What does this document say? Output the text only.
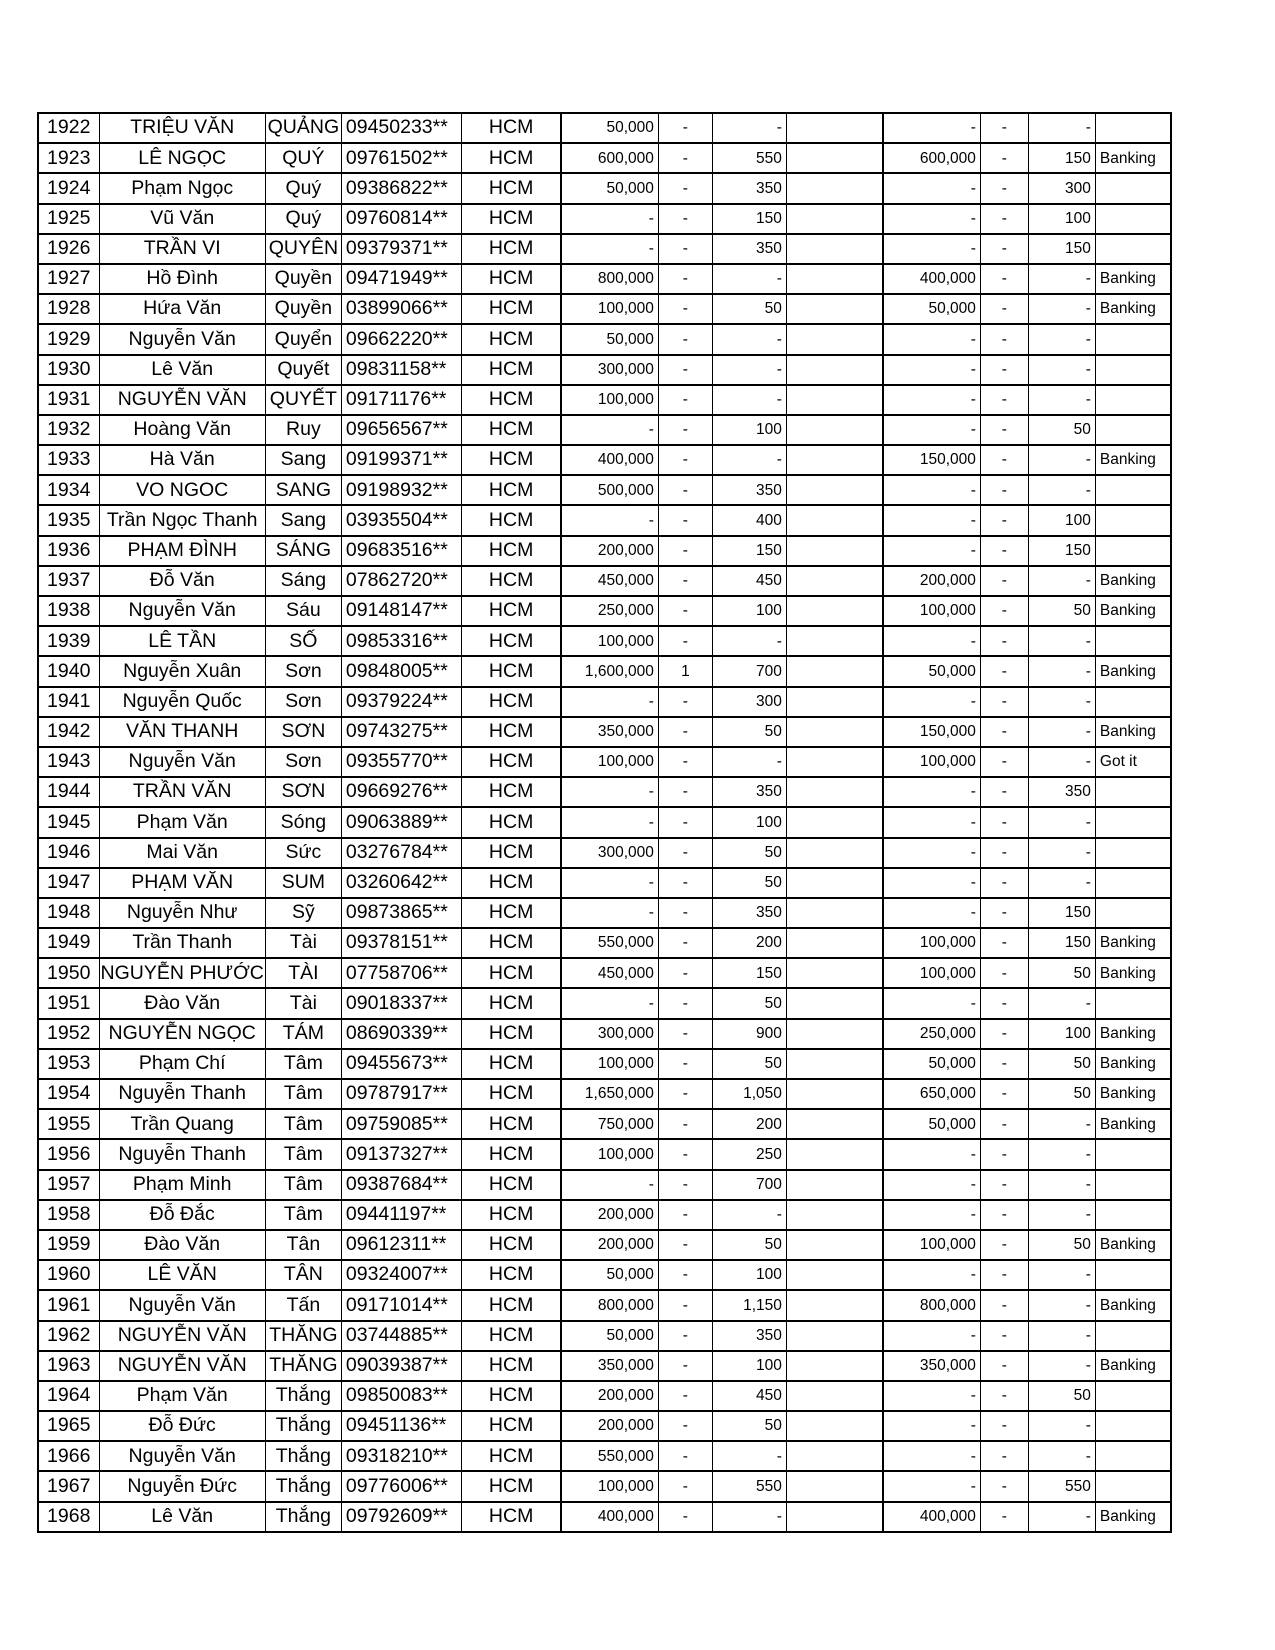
1922	TRIỆU VĂN	QUẢNG	09450233**	HCM	50,000	-	-		-	-	-	
1923	LÊ NGỌC	QUÝ	09761502**	HCM	600,000	-	550		600,000	-	150	Banking
1924	Phạm Ngọc	Quý	09386822**	HCM	50,000	-	350		-	-	300	
1925	Vũ Văn	Quý	09760814**	HCM	-	-	150		-	-	100	
1926	TRẦN VI	QUYÊN	09379371**	HCM	-	-	350		-	-	150	
1927	Hồ Đình	Quyền	09471949**	HCM	800,000	-	-		400,000	-	-	Banking
1928	Hứa Văn	Quyền	03899066**	HCM	100,000	-	50		50,000	-	-	Banking
1929	Nguyễn Văn	Quyển	09662220**	HCM	50,000	-	-		-	-	-	
1930	Lê Văn	Quyết	09831158**	HCM	300,000	-	-		-	-	-	
1931	NGUYỄN VĂN	QUYẾT	09171176**	HCM	100,000	-	-		-	-	-	
1932	Hoàng Văn	Ruy	09656567**	HCM	-	-	100		-	-	50	
1933	Hà Văn	Sang	09199371**	HCM	400,000	-	-		150,000	-	-	Banking
1934	VO NGOC	SANG	09198932**	HCM	500,000	-	350		-	-	-	
1935	Trần Ngọc Thanh	Sang	03935504**	HCM	-	-	400		-	-	100	
1936	PHẠM ĐÌNH	SÁNG	09683516**	HCM	200,000	-	150		-	-	150	
1937	Đỗ Văn	Sáng	07862720**	HCM	450,000	-	450		200,000	-	-	Banking
1938	Nguyễn Văn	Sáu	09148147**	HCM	250,000	-	100		100,000	-	50	Banking
1939	LÊ TẦN	SỐ	09853316**	HCM	100,000	-	-		-	-	-	
1940	Nguyễn Xuân	Sơn	09848005**	HCM	1,600,000	1	700		50,000	-	-	Banking
1941	Nguyễn Quốc	Sơn	09379224**	HCM	-	-	300		-	-	-	
1942	VĂN THANH	SƠN	09743275**	HCM	350,000	-	50		150,000	-	-	Banking
1943	Nguyễn Văn	Sơn	09355770**	HCM	100,000	-	-		100,000	-	-	Got it
1944	TRẦN VĂN	SƠN	09669276**	HCM	-	-	350		-	-	350	
1945	Phạm Văn	Sóng	09063889**	HCM	-	-	100		-	-	-	
1946	Mai Văn	Sức	03276784**	HCM	300,000	-	50		-	-	-	
1947	PHẠM VĂN	SUM	03260642**	HCM	-	-	50		-	-	-	
1948	Nguyễn Như	Sỹ	09873865**	HCM	-	-	350		-	-	150	
1949	Trần Thanh	Tài	09378151**	HCM	550,000	-	200		100,000	-	150	Banking
1950	NGUYỄN PHƯỚC	TÀI	07758706**	HCM	450,000	-	150		100,000	-	50	Banking
1951	Đào Văn	Tài	09018337**	HCM	-	-	50		-	-	-	
1952	NGUYỄN NGỌC	TÁM	08690339**	HCM	300,000	-	900		250,000	-	100	Banking
1953	Phạm Chí	Tâm	09455673**	HCM	100,000	-	50		50,000	-	50	Banking
1954	Nguyễn Thanh	Tâm	09787917**	HCM	1,650,000	-	1,050		650,000	-	50	Banking
1955	Trần Quang	Tâm	09759085**	HCM	750,000	-	200		50,000	-	-	Banking
1956	Nguyễn Thanh	Tâm	09137327**	HCM	100,000	-	250		-	-	-	
1957	Phạm Minh	Tâm	09387684**	HCM	-	-	700		-	-	-	
1958	Đỗ Đắc	Tâm	09441197**	HCM	200,000	-	-		-	-	-	
1959	Đào Văn	Tân	09612311**	HCM	200,000	-	50		100,000	-	50	Banking
1960	LÊ VĂN	TÂN	09324007**	HCM	50,000	-	100		-	-	-	
1961	Nguyễn Văn	Tấn	09171014**	HCM	800,000	-	1,150		800,000	-	-	Banking
1962	NGUYỄN VĂN	THĂNG	03744885**	HCM	50,000	-	350		-	-	-	
1963	NGUYỄN VĂN	THĂNG	09039387**	HCM	350,000	-	100		350,000	-	-	Banking
1964	Phạm Văn	Thắng	09850083**	HCM	200,000	-	450		-	-	50	
1965	Đỗ Đức	Thắng	09451136**	HCM	200,000	-	50		-	-	-	
1966	Nguyễn Văn	Thắng	09318210**	HCM	550,000	-	-		-	-	-	
1967	Nguyễn Đức	Thắng	09776006**	HCM	100,000	-	550		-	-	550	
1968	Lê Văn	Thắng	09792609**	HCM	400,000	-	-		400,000	-	-	Banking
